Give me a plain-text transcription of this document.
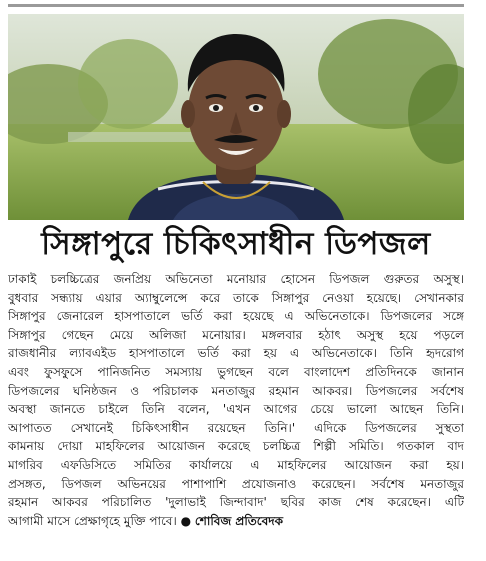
সিঙ্গাপুরে চিকিৎসাধীন ডিপজল
ঢাকাই চলচ্চিত্রের জনপ্রিয় অভিনেতা মনোয়ার হোসেন ডিপজল গুরুতর অসুস্থ।
বুধবার সন্ধ্যায় এয়ার অ্যাম্বুলেন্সে করে তাকে সিঙ্গাপুর নেওয়া হয়েছে। সেখানকার
সিঙ্গাপুর জেনারেল হাসপাতালে ভর্তি করা হয়েছে এ অভিনেতাকে। ডিপজলের সঙ্গে
সিঙ্গাপুর গেছেন মেয়ে অলিজা মনোয়ার। মঙ্গলবার হঠাৎ অসুস্থ হয়ে পড়লে
রাজধানীর ল্যাবএইড হাসপাতালে ভর্তি করা হয় এ অভিনেতাকে। তিনি হৃদরোগ
এবং ফুসফুসে পানিজনিত সমস্যায় ভুগছেন বলে বাংলাদেশ প্রতিদিনকে জানান
ডিপজলের ঘনিষ্ঠজন ও পরিচালক মনতাজুর রহমান আকবর। ডিপজলের সর্বশেষ
অবস্থা জানতে চাইলে তিনি বলেন, 'এখন আগের চেয়ে ভালো আছেন তিনি।
আপাতত সেখানেই চিকিৎসাধীন রয়েছেন তিনি।' এদিকে ডিপজলের সুস্থতা
কামনায় দোয়া মাহফিলের আয়োজন করেছে চলচ্চিত্র শিল্পী সমিতি। গতকাল বাদ
মাগরিব এফডিসিতে সমিতির কার্যালয়ে এ মাহফিলের আয়োজন করা হয়।
প্রসঙ্গত, ডিপজল অভিনয়ের পাশাপাশি প্রযোজনাও করেছেন। সর্বশেষ মনতাজুর
রহমান আকবর পরিচালিত 'দুলাভাই জিন্দাবাদ' ছবির কাজ শেষ করেছেন। এটি
আগামী মাসে প্রেক্ষাগৃহে মুক্তি পাবে। ● শোবিজ প্রতিবেদক
